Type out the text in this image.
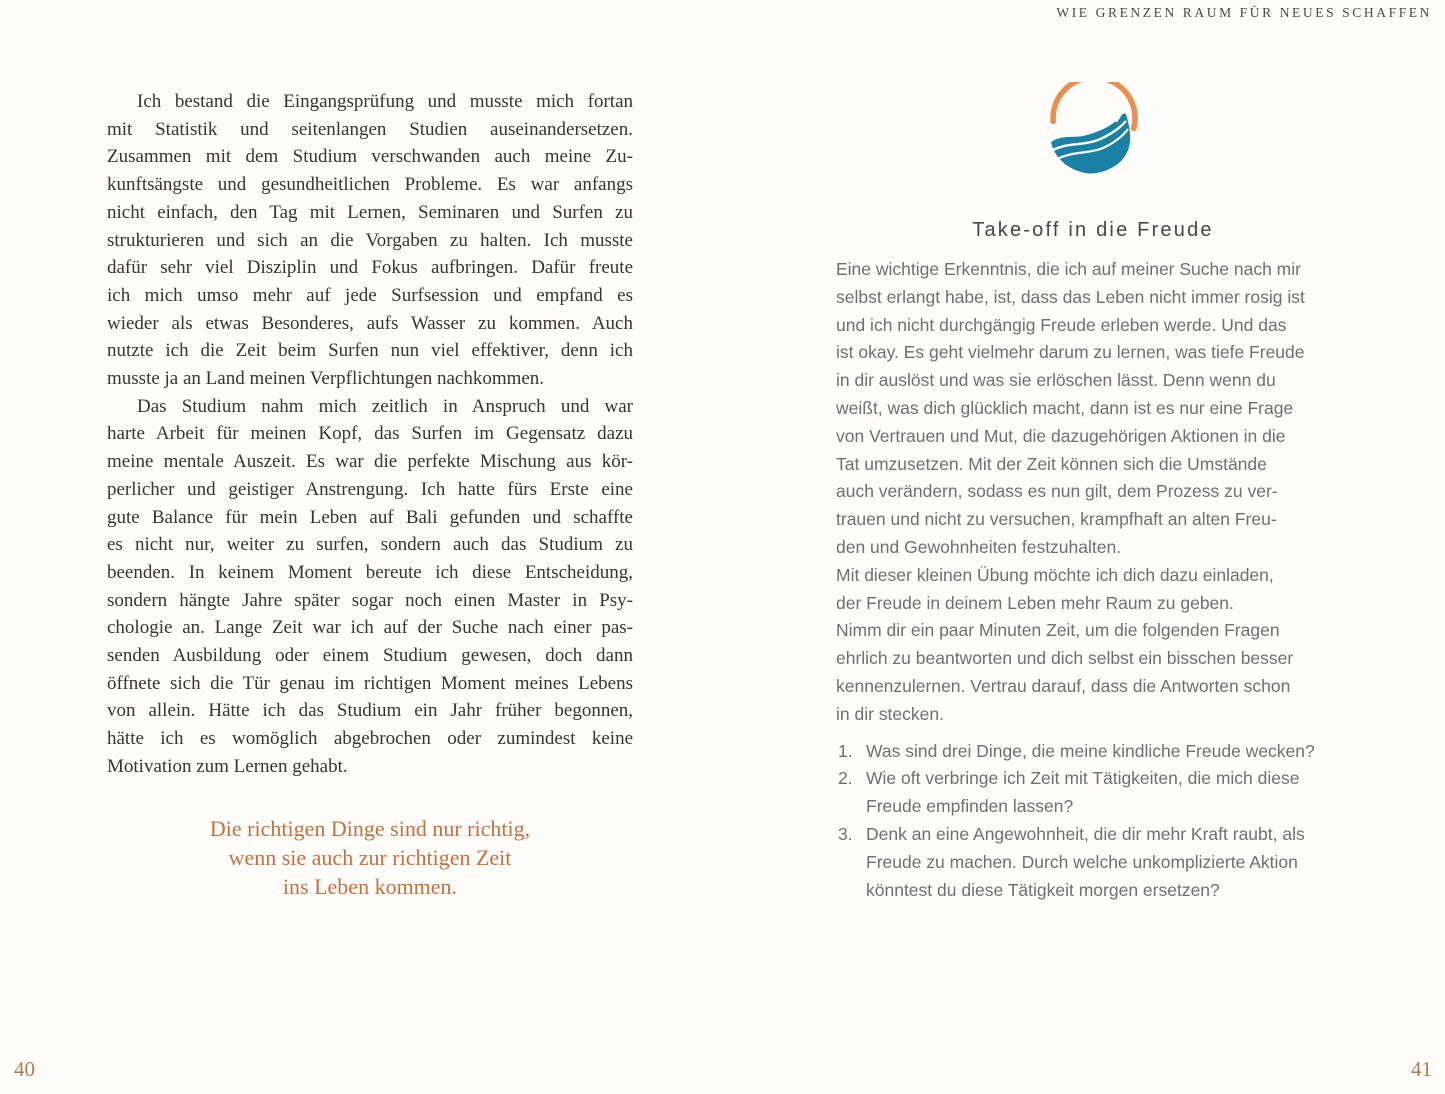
WIE GRENZEN RAUM FÜR NEUES SCHAFFEN
Ich bestand die Eingangsprüfung und musste mich fortan
mit Statistik und seitenlangen Studien auseinandersetzen.
Zusammen mit dem Studium verschwanden auch meine Zu-
kunftsängste und gesundheitlichen Probleme. Es war anfangs
nicht einfach, den Tag mit Lernen, Seminaren und Surfen zu
strukturieren und sich an die Vorgaben zu halten. Ich musste
dafür sehr viel Disziplin und Fokus aufbringen. Dafür freute
ich mich umso mehr auf jede Surfsession und empfand es
wieder als etwas Besonderes, aufs Wasser zu kommen. Auch
nutzte ich die Zeit beim Surfen nun viel effektiver, denn ich
musste ja an Land meinen Verpflichtungen nachkommen.
Das Studium nahm mich zeitlich in Anspruch und war
harte Arbeit für meinen Kopf, das Surfen im Gegensatz dazu
meine mentale Auszeit. Es war die perfekte Mischung aus kör-
perlicher und geistiger Anstrengung. Ich hatte fürs Erste eine
gute Balance für mein Leben auf Bali gefunden und schaffte
es nicht nur, weiter zu surfen, sondern auch das Studium zu
beenden. In keinem Moment bereute ich diese Entscheidung,
sondern hängte Jahre später sogar noch einen Master in Psy-
chologie an. Lange Zeit war ich auf der Suche nach einer pas-
senden Ausbildung oder einem Studium gewesen, doch dann
öffnete sich die Tür genau im richtigen Moment meines Lebens
von allein. Hätte ich das Studium ein Jahr früher begonnen,
hätte ich es womöglich abgebrochen oder zumindest keine
Motivation zum Lernen gehabt.
Die richtigen Dinge sind nur richtig,
wenn sie auch zur richtigen Zeit
ins Leben kommen.
40
Take-off in die Freude
Eine wichtige Erkenntnis, die ich auf meiner Suche nach mir
selbst erlangt habe, ist, dass das Leben nicht immer rosig ist
und ich nicht durchgängig Freude erleben werde. Und das
ist okay. Es geht vielmehr darum zu lernen, was tiefe Freude
in dir auslöst und was sie erlöschen lässt. Denn wenn du
weißt, was dich glücklich macht, dann ist es nur eine Frage
von Vertrauen und Mut, die dazugehörigen Aktionen in die
Tat umzusetzen. Mit der Zeit können sich die Umstände
auch verändern, sodass es nun gilt, dem Prozess zu ver-
trauen und nicht zu versuchen, krampfhaft an alten Freu-
den und Gewohnheiten festzuhalten.
Mit dieser kleinen Übung möchte ich dich dazu einladen,
der Freude in deinem Leben mehr Raum zu geben.
Nimm dir ein paar Minuten Zeit, um die folgenden Fragen
ehrlich zu beantworten und dich selbst ein bisschen besser
kennenzulernen. Vertrau darauf, dass die Antworten schon
in dir stecken.
1. Was sind drei Dinge, die meine kindliche Freude wecken?
2. Wie oft verbringe ich Zeit mit Tätigkeiten, die mich diese
Freude empfinden lassen?
3. Denk an eine Angewohnheit, die dir mehr Kraft raubt, als
Freude zu machen. Durch welche unkomplizierte Aktion
könntest du diese Tätigkeit morgen ersetzen?
41
